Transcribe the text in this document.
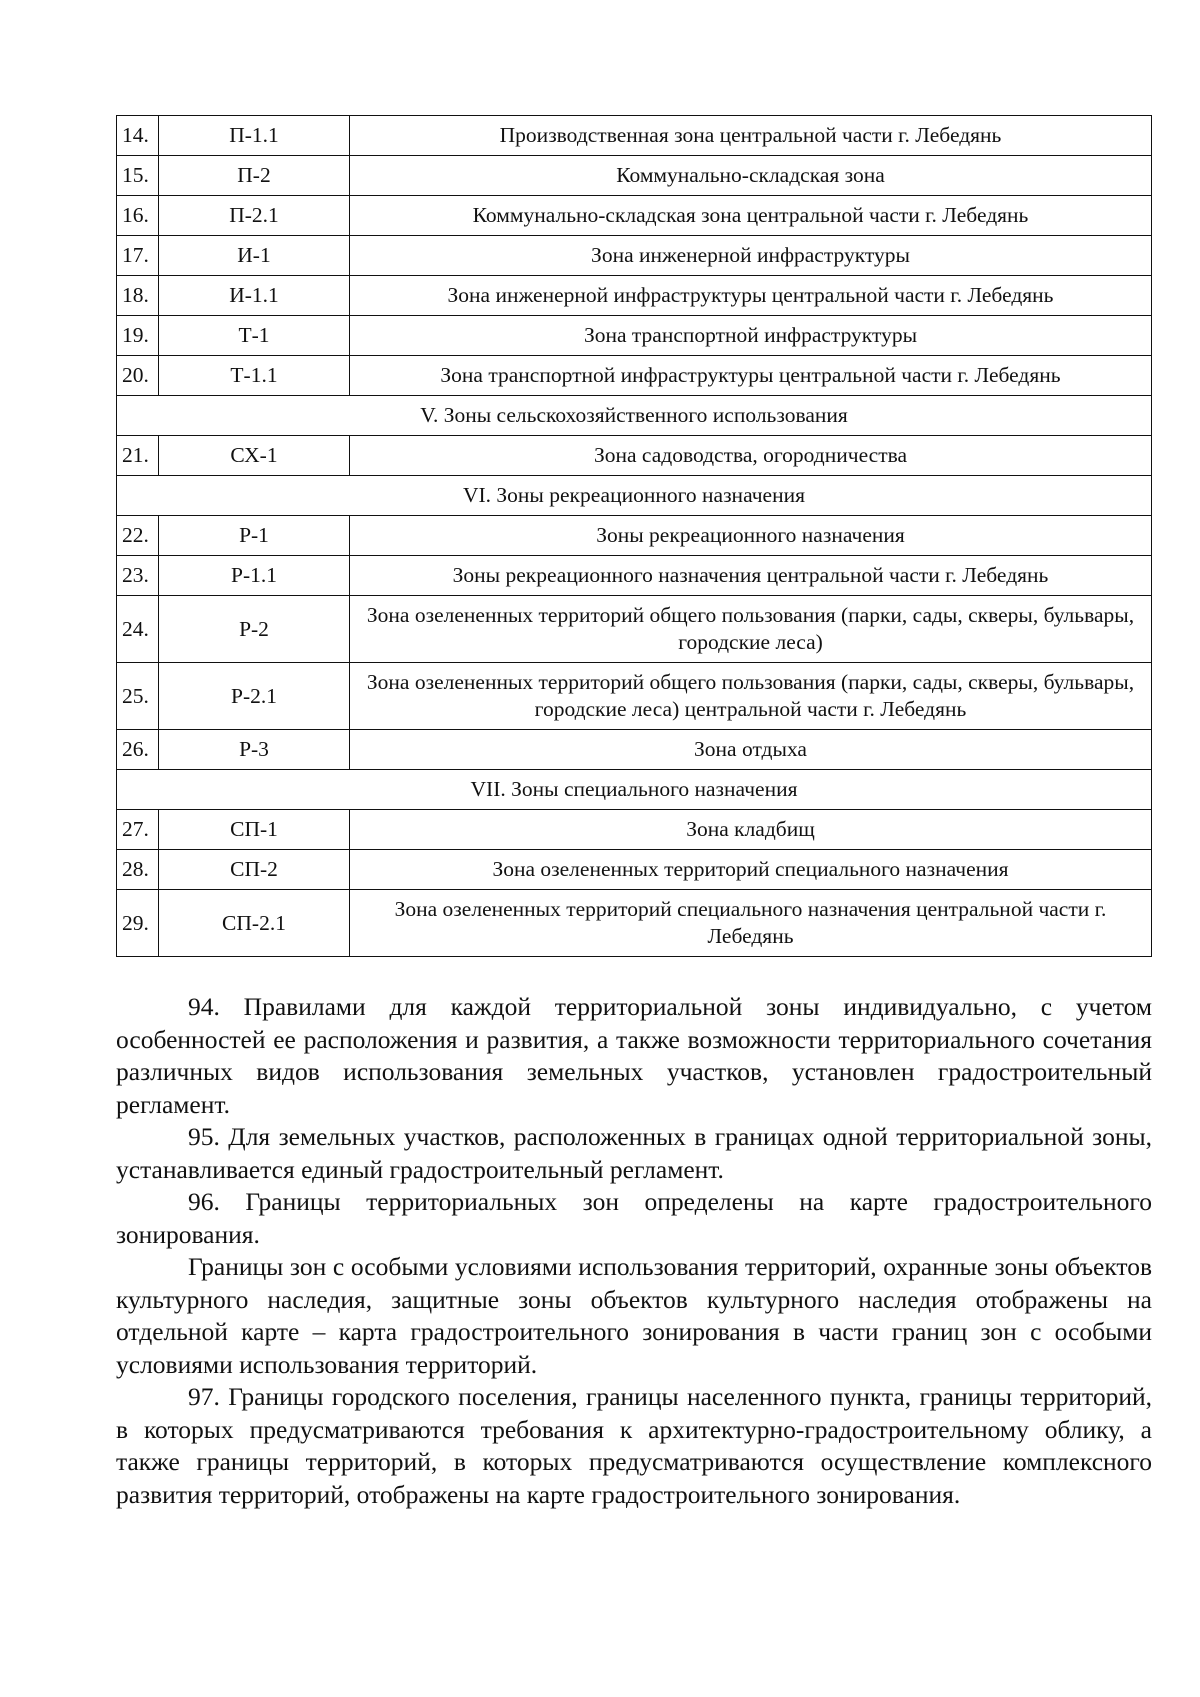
14.	П-1.1	Производственная зона центральной части г. Лебедянь
15.	П-2	Коммунально-складская зона
16.	П-2.1	Коммунально-складская зона центральной части г. Лебедянь
17.	И-1	Зона инженерной инфраструктуры
18.	И-1.1	Зона инженерной инфраструктуры центральной части г. Лебедянь
19.	Т-1	Зона транспортной инфраструктуры
20.	Т-1.1	Зона транспортной инфраструктуры центральной части г. Лебедянь
V. Зоны сельскохозяйственного использования		
21.	СХ-1	Зона садоводства, огородничества
VI. Зоны рекреационного назначения		
22.	Р-1	Зоны рекреационного назначения
23.	Р-1.1	Зоны рекреационного назначения центральной части г. Лебедянь
24.	Р-2	Зона озелененных территорий общего пользования (парки, сады, скверы, бульвары, городские леса)
25.	Р-2.1	Зона озелененных территорий общего пользования (парки, сады, скверы, бульвары, городские леса) центральной части г. Лебедянь
26.	Р-3	Зона отдыха
VII. Зоны специального назначения		
27.	СП-1	Зона кладбищ
28.	СП-2	Зона озелененных территорий специального назначения
29.	СП-2.1	Зона озелененных территорий специального назначения центральной части г. Лебедянь

94. Правилами для каждой территориальной зоны индивидуально, с учетом особенностей ее расположения и развития, а также возможности территориального сочетания различных видов использования земельных участков, установлен градостроительный регламент.

95. Для земельных участков, расположенных в границах одной территориальной зоны, устанавливается единый градостроительный регламент.

96. Границы территориальных зон определены на карте градостроительного зонирования.

Границы зон с особыми условиями использования территорий, охранные зоны объектов культурного наследия, защитные зоны объектов культурного наследия отображены на отдельной карте – карта градостроительного зонирования в части границ зон с особыми условиями использования территорий.

97. Границы городского поселения, границы населенного пункта, границы территорий, в которых предусматриваются требования к архитектурно-градостроительному облику, а также границы территорий, в которых предусматриваются осуществление комплексного развития территорий, отображены на карте градостроительного зонирования.
